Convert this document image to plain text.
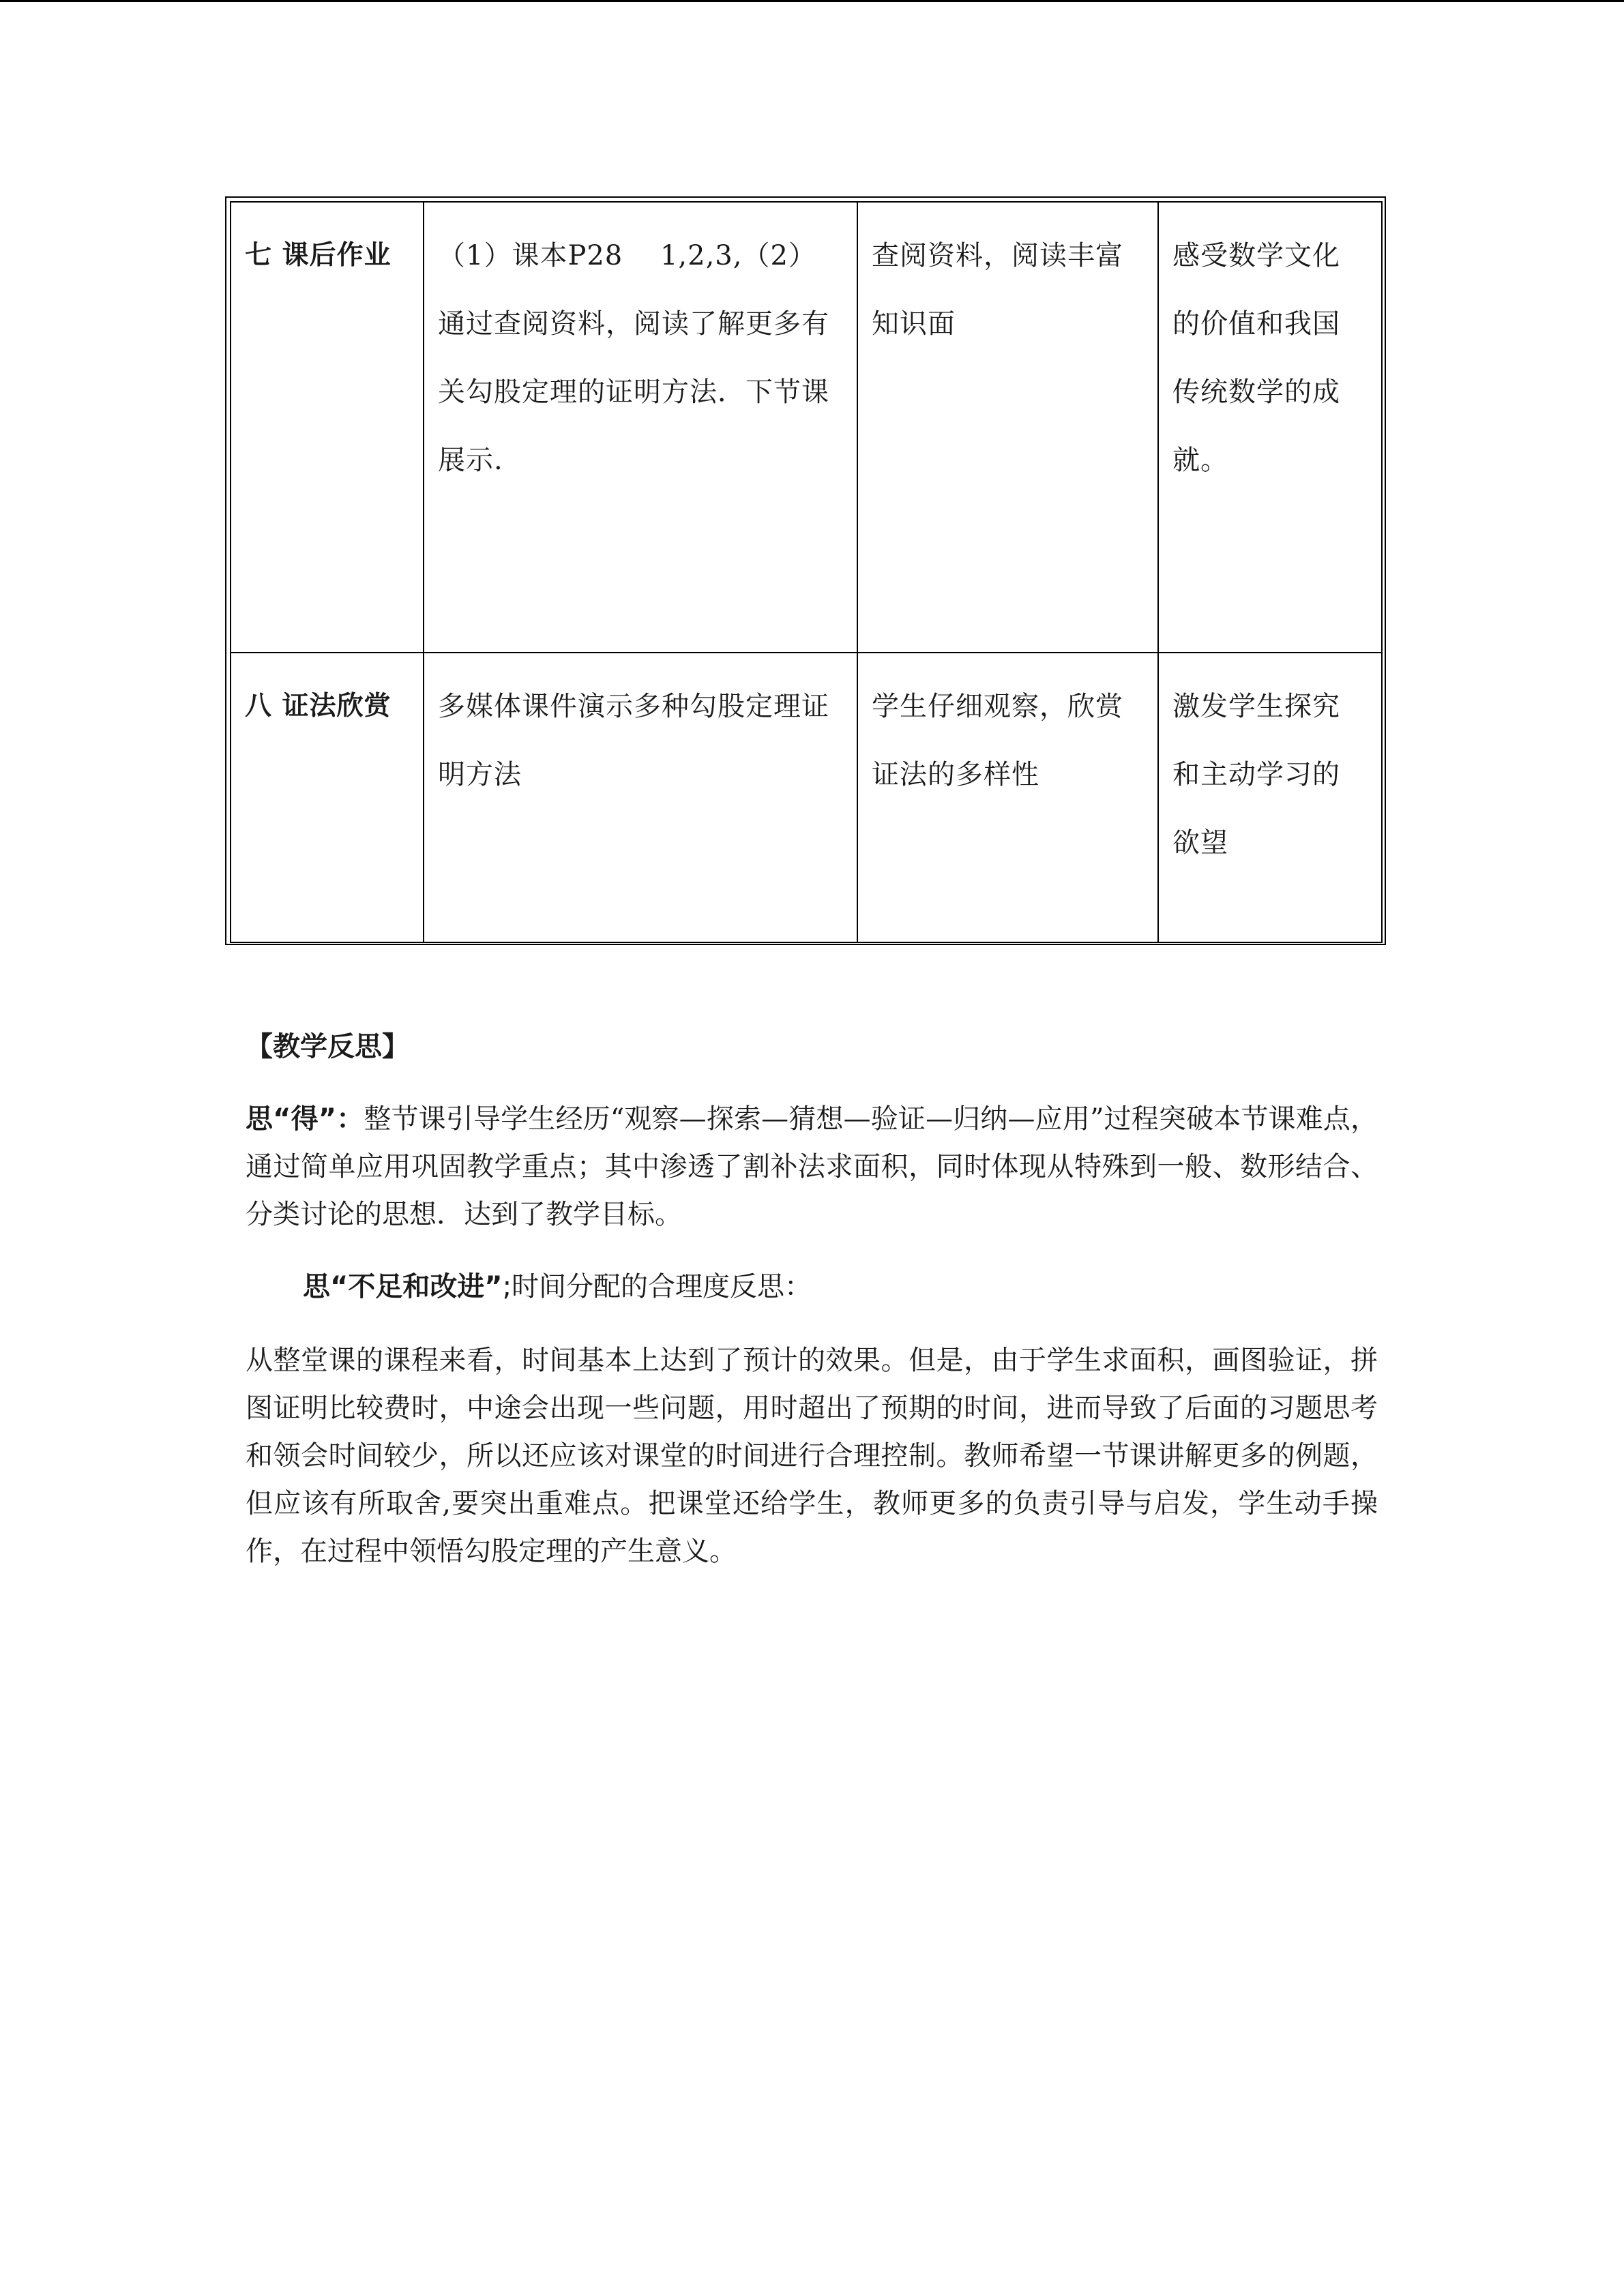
七 课后作业	（1）课本P28　 1,2,3,（2）通过查阅资料，阅读了解更多有关勾股定理的证明方法．下节课展示.	查阅资料，阅读丰富知识面	感受数学文化的价值和我国传统数学的成就。
八 证法欣赏	多媒体课件演示多种勾股定理证明方法	学生仔细观察，欣赏证法的多样性	激发学生探究和主动学习的欲望
【教学反思】

思“得”：整节课引导学生经历“观察—探索—猜想—验证—归纳—应用”过程突破本节课难点，通过简单应用巩固教学重点；其中渗透了割补法求面积，同时体现从特殊到一般、数形结合、分类讨论的思想．达到了教学目标。

思“不足和改进”;时间分配的合理度反思：

从整堂课的课程来看，时间基本上达到了预计的效果。但是，由于学生求面积，画图验证，拼图证明比较费时，中途会出现一些问题，用时超出了预期的时间，进而导致了后面的习题思考和领会时间较少，所以还应该对课堂的时间进行合理控制。教师希望一节课讲解更多的例题，但应该有所取舍,要突出重难点。把课堂还给学生，教师更多的负责引导与启发，学生动手操作，在过程中领悟勾股定理的产生意义。
